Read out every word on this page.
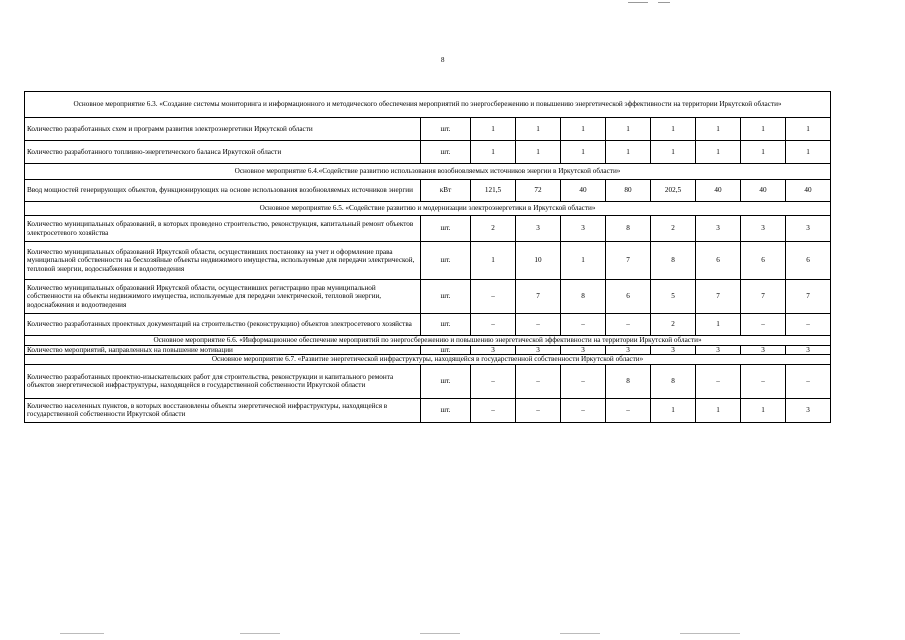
8
Основное мероприятие 6.3. «Создание системы мониторинга и информационного и методического обеспечения мероприятий по энергосбережению и повышению энергетической эффективности на территории Иркутской области»									
Количество разработанных схем и программ развития электроэнергетики Иркутской области	шт.	1	1	1	1	1	1	1	1
Количество разработанного топливно-энергетического баланса Иркутской области	шт.	1	1	1	1	1	1	1	1
Основное мероприятие 6.4.«Содействие развитию использования возобновляемых источников энергии в Иркутской области»									
Ввод мощностей генерирующих объектов, функционирующих на основе использования возобновляемых источников энергии	кВт	121,5	72	40	80	202,5	40	40	40
Основное мероприятие 6.5. «Содействие развитию и модернизации электроэнергетики в Иркутской области»									
Количество муниципальных образований, в которых проведено строительство, реконструкция, капитальный ремонт объектов электросетевого хозяйства	шт.	2	3	3	8	2	3	3	3
Количество муниципальных образований Иркутской области, осуществивших постановку на учет и оформление права муниципальной собственности на бесхозяйные объекты недвижимого имущества, используемые для передачи электрической, тепловой энергии, водоснабжения и водоотведения	шт.	1	10	1	7	8	6	6	6
Количество муниципальных образований Иркутской области, осуществивших регистрацию прав муниципальной собственности на объекты недвижимого имущества, используемые для передачи электрической, тепловой энергии, водоснабжения и водоотведения	шт.	–	7	8	6	5	7	7	7
Количество разработанных проектных документаций на строительство (реконструкцию) объектов электросетевого хозяйства	шт.	–	–	–	–	2	1	–	–
Основное мероприятие 6.6. «Информационное обеспечение мероприятий по энергосбережению и повышению энергетической эффективности на территории Иркутской области»									
Количество мероприятий, направленных на повышение мотивации	шт.	3	3	3	3	3	3	3	3
Основное мероприятие 6.7. «Развитие энергетической инфраструктуры, находящейся в государственной собственности Иркутской области»									
Количество разработанных проектно-изыскательских работ для строительства, реконструкции и капитального ремонта объектов энергетической инфраструктуры, находящейся в государственной собственности Иркутской области	шт.	–	–	–	8	8	–	–	–
Количество населенных пунктов, в которых восстановлены объекты энергетической инфраструктуры, находящейся в государственной собственности Иркутской области	шт.	–	–	–	–	1	1	1	3
